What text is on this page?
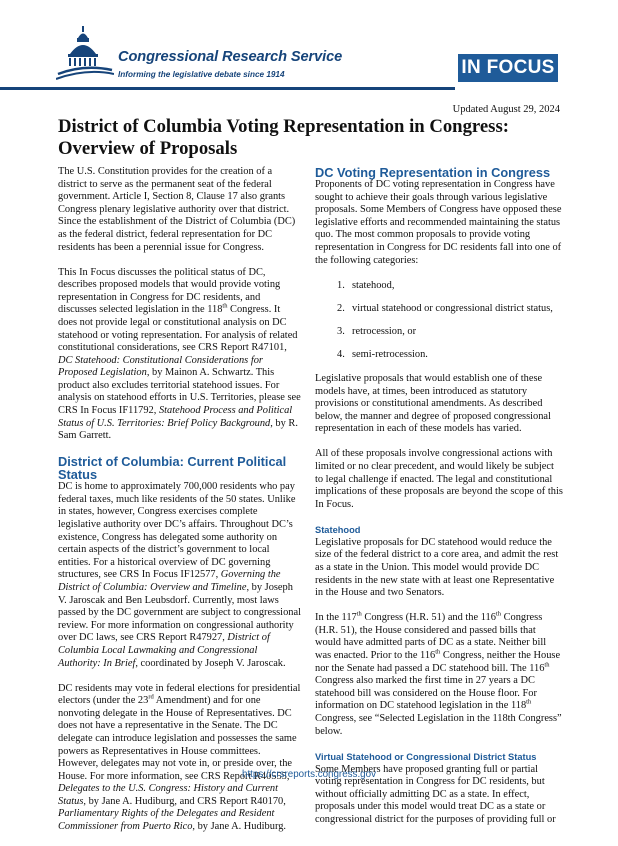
Congressional Research Service
Informing the legislative debate since 1914	IN FOCUS
Updated August 29, 2024
District of Columbia Voting Representation in Congress: Overview of Proposals

The U.S. Constitution provides for the creation of a district to serve as the permanent seat of the federal government. Article I, Section 8, Clause 17 also grants Congress plenary legislative authority over that district. Since the establishment of the District of Columbia (DC) as the federal district, federal representation for DC residents has been a perennial issue for Congress.

This In Focus discusses the political status of DC, describes proposed models that would provide voting representation in Congress for DC residents, and discusses selected legislation in the 118th Congress. It does not provide legal or constitutional analysis on DC statehood or voting representation. For analysis of related constitutional considerations, see CRS Report R47101, DC Statehood: Constitutional Considerations for Proposed Legislation, by Mainon A. Schwartz. This product also excludes territorial statehood issues. For analysis on statehood efforts in U.S. Territories, please see CRS In Focus IF11792, Statehood Process and Political Status of U.S. Territories: Brief Policy Background, by R. Sam Garrett.

District of Columbia: Current Political Status

DC is home to approximately 700,000 residents who pay federal taxes, much like residents of the 50 states. Unlike in states, however, Congress exercises complete legislative authority over DC’s affairs. Throughout DC’s existence, Congress has delegated some authority on certain aspects of the district’s government to local entities. For a historical overview of DC governing structures, see CRS In Focus IF12577, Governing the District of Columbia: Overview and Timeline, by Joseph V. Jaroscak and Ben Leubsdorf. Currently, most laws passed by the DC government are subject to congressional review. For more information on congressional authority over DC laws, see CRS Report R47927, District of Columbia Local Lawmaking and Congressional Authority: In Brief, coordinated by Joseph V. Jaroscak.

DC residents may vote in federal elections for presidential electors (under the 23rd Amendment) and for one nonvoting delegate in the House of Representatives. DC does not have a representative in the Senate. The DC delegate can introduce legislation and possesses the same powers as Representatives in House committees. However, delegates may not vote in, or preside over, the House. For more information, see CRS Report R40555, Delegates to the U.S. Congress: History and Current Status, by Jane A. Hudiburg, and CRS Report R40170, Parliamentary Rights of the Delegates and Resident Commissioner from Puerto Rico, by Jane A. Hudiburg.

DC Voting Representation in Congress

Proponents of DC voting representation in Congress have sought to achieve their goals through various legislative proposals. Some Members of Congress have opposed these legislative efforts and recommended maintaining the status quo. The most common proposals to provide voting representation in Congress for DC residents fall into one of the following categories:

1. statehood,
2. virtual statehood or congressional district status,
3. retrocession, or
4. semi-retrocession.

Legislative proposals that would establish one of these models have, at times, been introduced as statutory provisions or constitutional amendments. As described below, the manner and degree of proposed congressional representation in each of these models has varied.

All of these proposals involve congressional actions with limited or no clear precedent, and would likely be subject to legal challenge if enacted. The legal and constitutional implications of these proposals are beyond the scope of this In Focus.

Statehood

Legislative proposals for DC statehood would reduce the size of the federal district to a core area, and admit the rest as a state in the Union. This model would provide DC residents in the new state with at least one Representative in the House and two Senators.

In the 117th Congress (H.R. 51) and the 116th Congress (H.R. 51), the House considered and passed bills that would have admitted parts of DC as a state. Neither bill was enacted. Prior to the 116th Congress, neither the House nor the Senate had passed a DC statehood bill. The 116th Congress also marked the first time in 27 years a DC statehood bill was considered on the House floor. For information on DC statehood legislation in the 118th Congress, see “Selected Legislation in the 118th Congress” below.

Virtual Statehood or Congressional District Status

Some Members have proposed granting full or partial voting representation in Congress for DC residents, but without officially admitting DC as a state. In effect, proposals under this model would treat DC as a state or congressional district for the purposes of providing full or

https://crsreports.congress.gov
